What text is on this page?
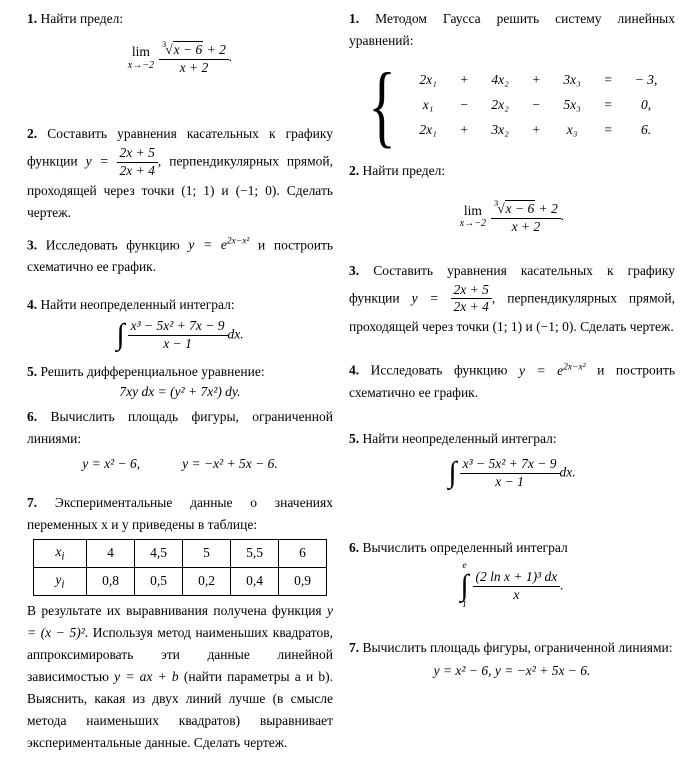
1. Найти предел:

lim
$x\to-2 \frac{^3√x - 6 + 2}{x + 2}$ .

2. Составить уравнения касательных к графику функции $y = \frac{2x + 5}{2x + 4}$ , перпендикулярных прямой, проходящей через точки (1; 1) и (−1; 0). Сделать чертеж.

3. Исследовать функцию $y = e^{2x-x^2}$ и построить схематично ее график.

4. Найти неопределенный интеграл:

∫ $\frac{\text{x³ − 5x² + 7x − 9}}{x - 1}$ dx.

5. Решить дифференциальное уравнение:

7xy dx = (y² + 7x²) dy.

6. Вычислить площадь фигуры, ограниченной линиями:

y = x² − 6,	y = −x² + 5x − 6.

7. Экспериментальные данные о значениях переменных x и y приведены в таблице:

$x_i$	4	4,5	5	5,5	6
$y_i$	0,8	0,5	0,2	0,4	0,9

В результате их выравнивания получена функция y = (x − 5)². Используя метод наименьших квадратов, аппроксимировать эти данные линейной зависимостью y = ax + b (найти параметры a и b). Выяснить, какая из двух линий лучше (в смысле метода наименьших квадратов) выравнивает экспериментальные данные. Сделать чертеж.

1. Методом Гаусса решить систему линейных уравнений:

{	2x₁	+	4x₂	+	3x₃	=	− 3,
x₁	−	2x₂	−	5x₃	=	0,
2x₁	+	3x₂	+	x₃	=	6.

2. Найти предел:

lim
$x\to-2 \frac{^3√x - 6 + 2}{x + 2}$ .

3. Составить уравнения касательных к графику функции $y = \frac{2x + 5}{2x + 4}$ , перпендикулярных прямой, проходящей через точки (1; 1) и (−1; 0). Сделать чертеж.

4. Исследовать функцию $y = e^{2x-x^2}$ и построить схематично ее график.

5. Найти неопределенный интеграл:

∫ $\frac{\text{x³ − 5x² + 7x − 9}}{x - 1}$ dx.

6. Вычислить определенный интеграл

e
∫
1
$\frac{\text{(2 ln x + 1)³ dx}}{x}$ .

7. Вычислить площадь фигуры, ограниченной линиями:

y = x² − 6, y = −x² + 5x − 6.
